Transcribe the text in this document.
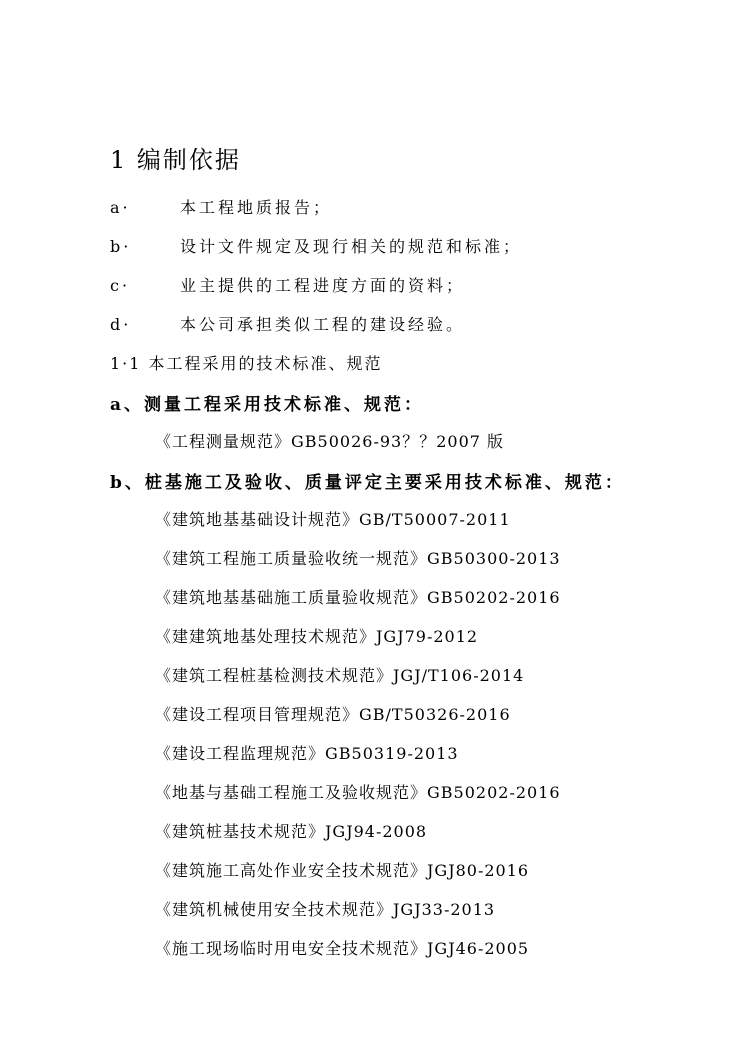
1 编制依据
a·	本工程地质报告；
b·	设计文件规定及现行相关的规范和标准；
c·	业主提供的工程进度方面的资料；
d·	本公司承担类似工程的建设经验。
1·1 本工程采用的技术标准、规范
a、测量工程采用技术标准、规范：
《工程测量规范》GB50026-93？？2007 版
b、桩基施工及验收、质量评定主要采用技术标准、规范：
《建筑地基基础设计规范》GB/T50007-2011
《建筑工程施工质量验收统一规范》GB50300-2013
《建筑地基基础施工质量验收规范》GB50202-2016
《建建筑地基处理技术规范》JGJ79-2012
《建筑工程桩基检测技术规范》JGJ/T106-2014
《建设工程项目管理规范》GB/T50326-2016
《建设工程监理规范》GB50319-2013
《地基与基础工程施工及验收规范》GB50202-2016
《建筑桩基技术规范》JGJ94-2008
《建筑施工高处作业安全技术规范》JGJ80-2016
《建筑机械使用安全技术规范》JGJ33-2013
《施工现场临时用电安全技术规范》JGJ46-2005
